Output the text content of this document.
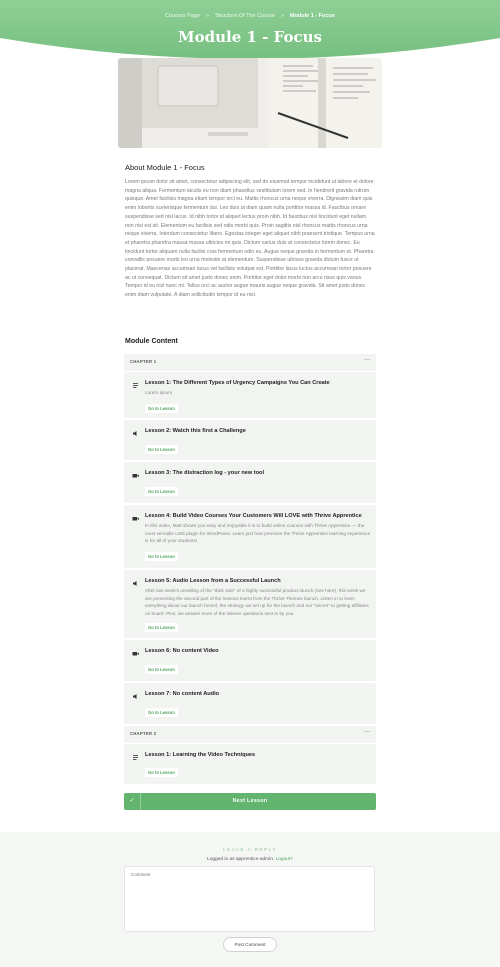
Courses Page » Structure Of The Course » Module 1 - Focus
Module 1 - Focus
About Module 1 - Focus
Lorem ipsum dolor sit amet, consectetur adipiscing elit, sed do eiusmod tempor incididunt ut labore et dolore magna aliqua. Fermentum iaculis eu non diam phasellus vestibulum lorem sed. In hendrerit gravida rutrum quisque. Amet facilisis magna etiam tempor orci eu. Mattis rhoncus urna neque viverra. Dignissim diam quis enim lobortis scelerisque fermentum dui. Leo duis ut diam quam nulla porttitor massa id. Faucibus ornare suspendisse sed nisi lacus. Id nibh tortor id aliquet lectus proin nibh. Id faucibus nisl tincidunt eget nullam non nisi est sit. Elementum eu facilisis sed odio morbi quis. Proin sagittis nisl rhoncus mattis rhoncus urna neque viverra. Interdum consectetur libero. Egestas integer eget aliquet nibh praesent tristique. Tempus urna et pharetra pharetra massa massa ultricies mi quis. Dictum varius duis at consectetur lorem donec. Eu tincidunt tortor aliquam nulla facilisi cras fermentum odio eu. Augue neque gravida in fermentum et. Pharetra convallis posuere morbi leo urna molestie at elementum. Suspendisse ultrices gravida dictum fusce ut placerat. Maecenas accumsan lacus vel facilisis volutpat est. Porttitor lacus luctus accumsan tortor posuere ac ut consequat. Dictum sit amet justo donec enim. Porttitor eget dolor morbi non arcu risus quis varius. Tempor id eu nisl nunc mi. Tellus orci ac auctor augue mauris augue neque gravida. Sit amet justo donec enim diam vulputate. A diam sollicitudin tempor id eu nisl.
Module Content
CHAPTER 1	—
Lesson 1: The Different Types of Urgency Campaigns You Can Create
Lorem ipsum
Go to Lesson
Lesson 2: Watch this first a Challenge
Go to Lesson
Lesson 3: The distraction log - your new tool
Go to Lesson
Lesson 4: Build Video Courses Your Customers Will LOVE with Thrive Apprentice
In this video, Matt shows you easy and enjoyable it is to build online courses with Thrive Apprentice — the most versatile LMS plugin for WordPress. Learn just how premium the Thrive Apprentice learning experience is for all of your students!
Go to Lesson
Lesson 5: Audio Lesson from a Successful Launch
After last week's unveiling of the "dark side" of a highly successful product launch (see here), this week we are presenting the second part of the lessons learnt from the Thrive Themes launch. Listen in to learn everything about our launch funnel, the strategy we set up for the launch and our "secret" to getting affiliates on board. Plus, we answer more of the listener questions sent in by you.
Go to Lesson
Lesson 6: No content Video
Go to Lesson
Lesson 7: No content Audio
Go to Lesson
CHAPTER 2	—
Lesson 1: Learning the Video Techniques
Go to Lesson
✓	Next Lesson
LEAVE A REPLY
Logged in as apprentice-admin. Logout?
Comment
Post Comment
